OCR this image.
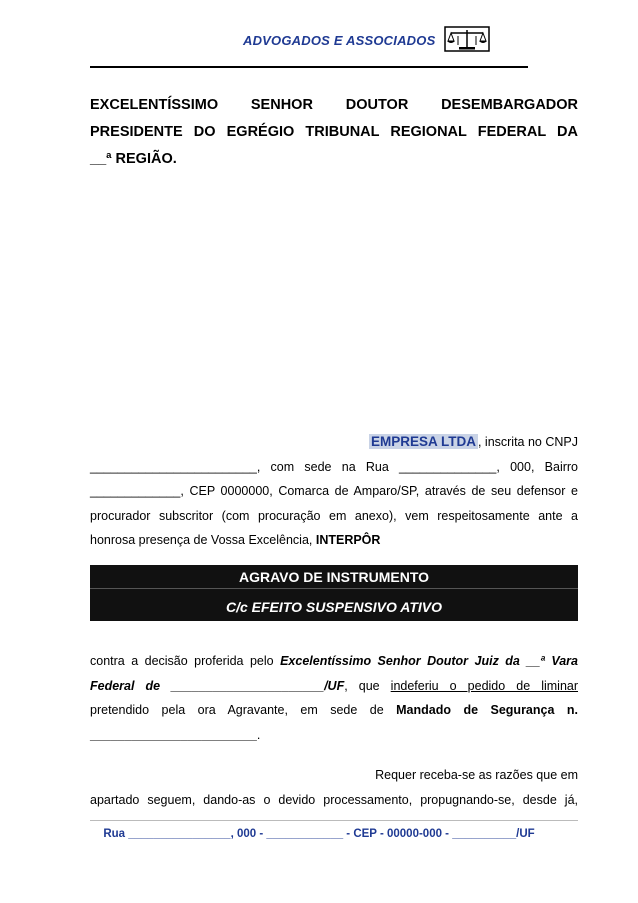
ADVOGADOS E ASSOCIADOS
EXCELENTÍSSIMO SENHOR DOUTOR DESEMBARGADOR
PRESIDENTE DO EGRÉGIO TRIBUNAL REGIONAL FEDERAL DA
__ª REGIÃO.
EMPRESA LTDA , inscrita no CNPJ
________________________, com sede na Rua ______________, 000, Bairro
_____________, CEP 0000000, Comarca de Amparo/SP, através de seu defensor e
procurador subscritor (com procuração em anexo), vem respeitosamente ante a
honrosa presença de Vossa Excelência, INTERPÔR
AGRAVO DE INSTRUMENTO
C/c EFEITO SUSPENSIVO ATIVO
contra a decisão proferida pelo Excelentíssimo Senhor Doutor Juiz da __ª Vara
Federal de ______________________/UF, que indeferiu o pedido de liminar
pretendido pela ora Agravante, em sede de Mandado de Segurança n.
________________________.
Requer receba-se as razões que em
apartado seguem, dando-as o devido processamento, propugnando-se, desde já,
Rua ________________, 000 - ____________ - CEP - 00000-000 - __________/UF
